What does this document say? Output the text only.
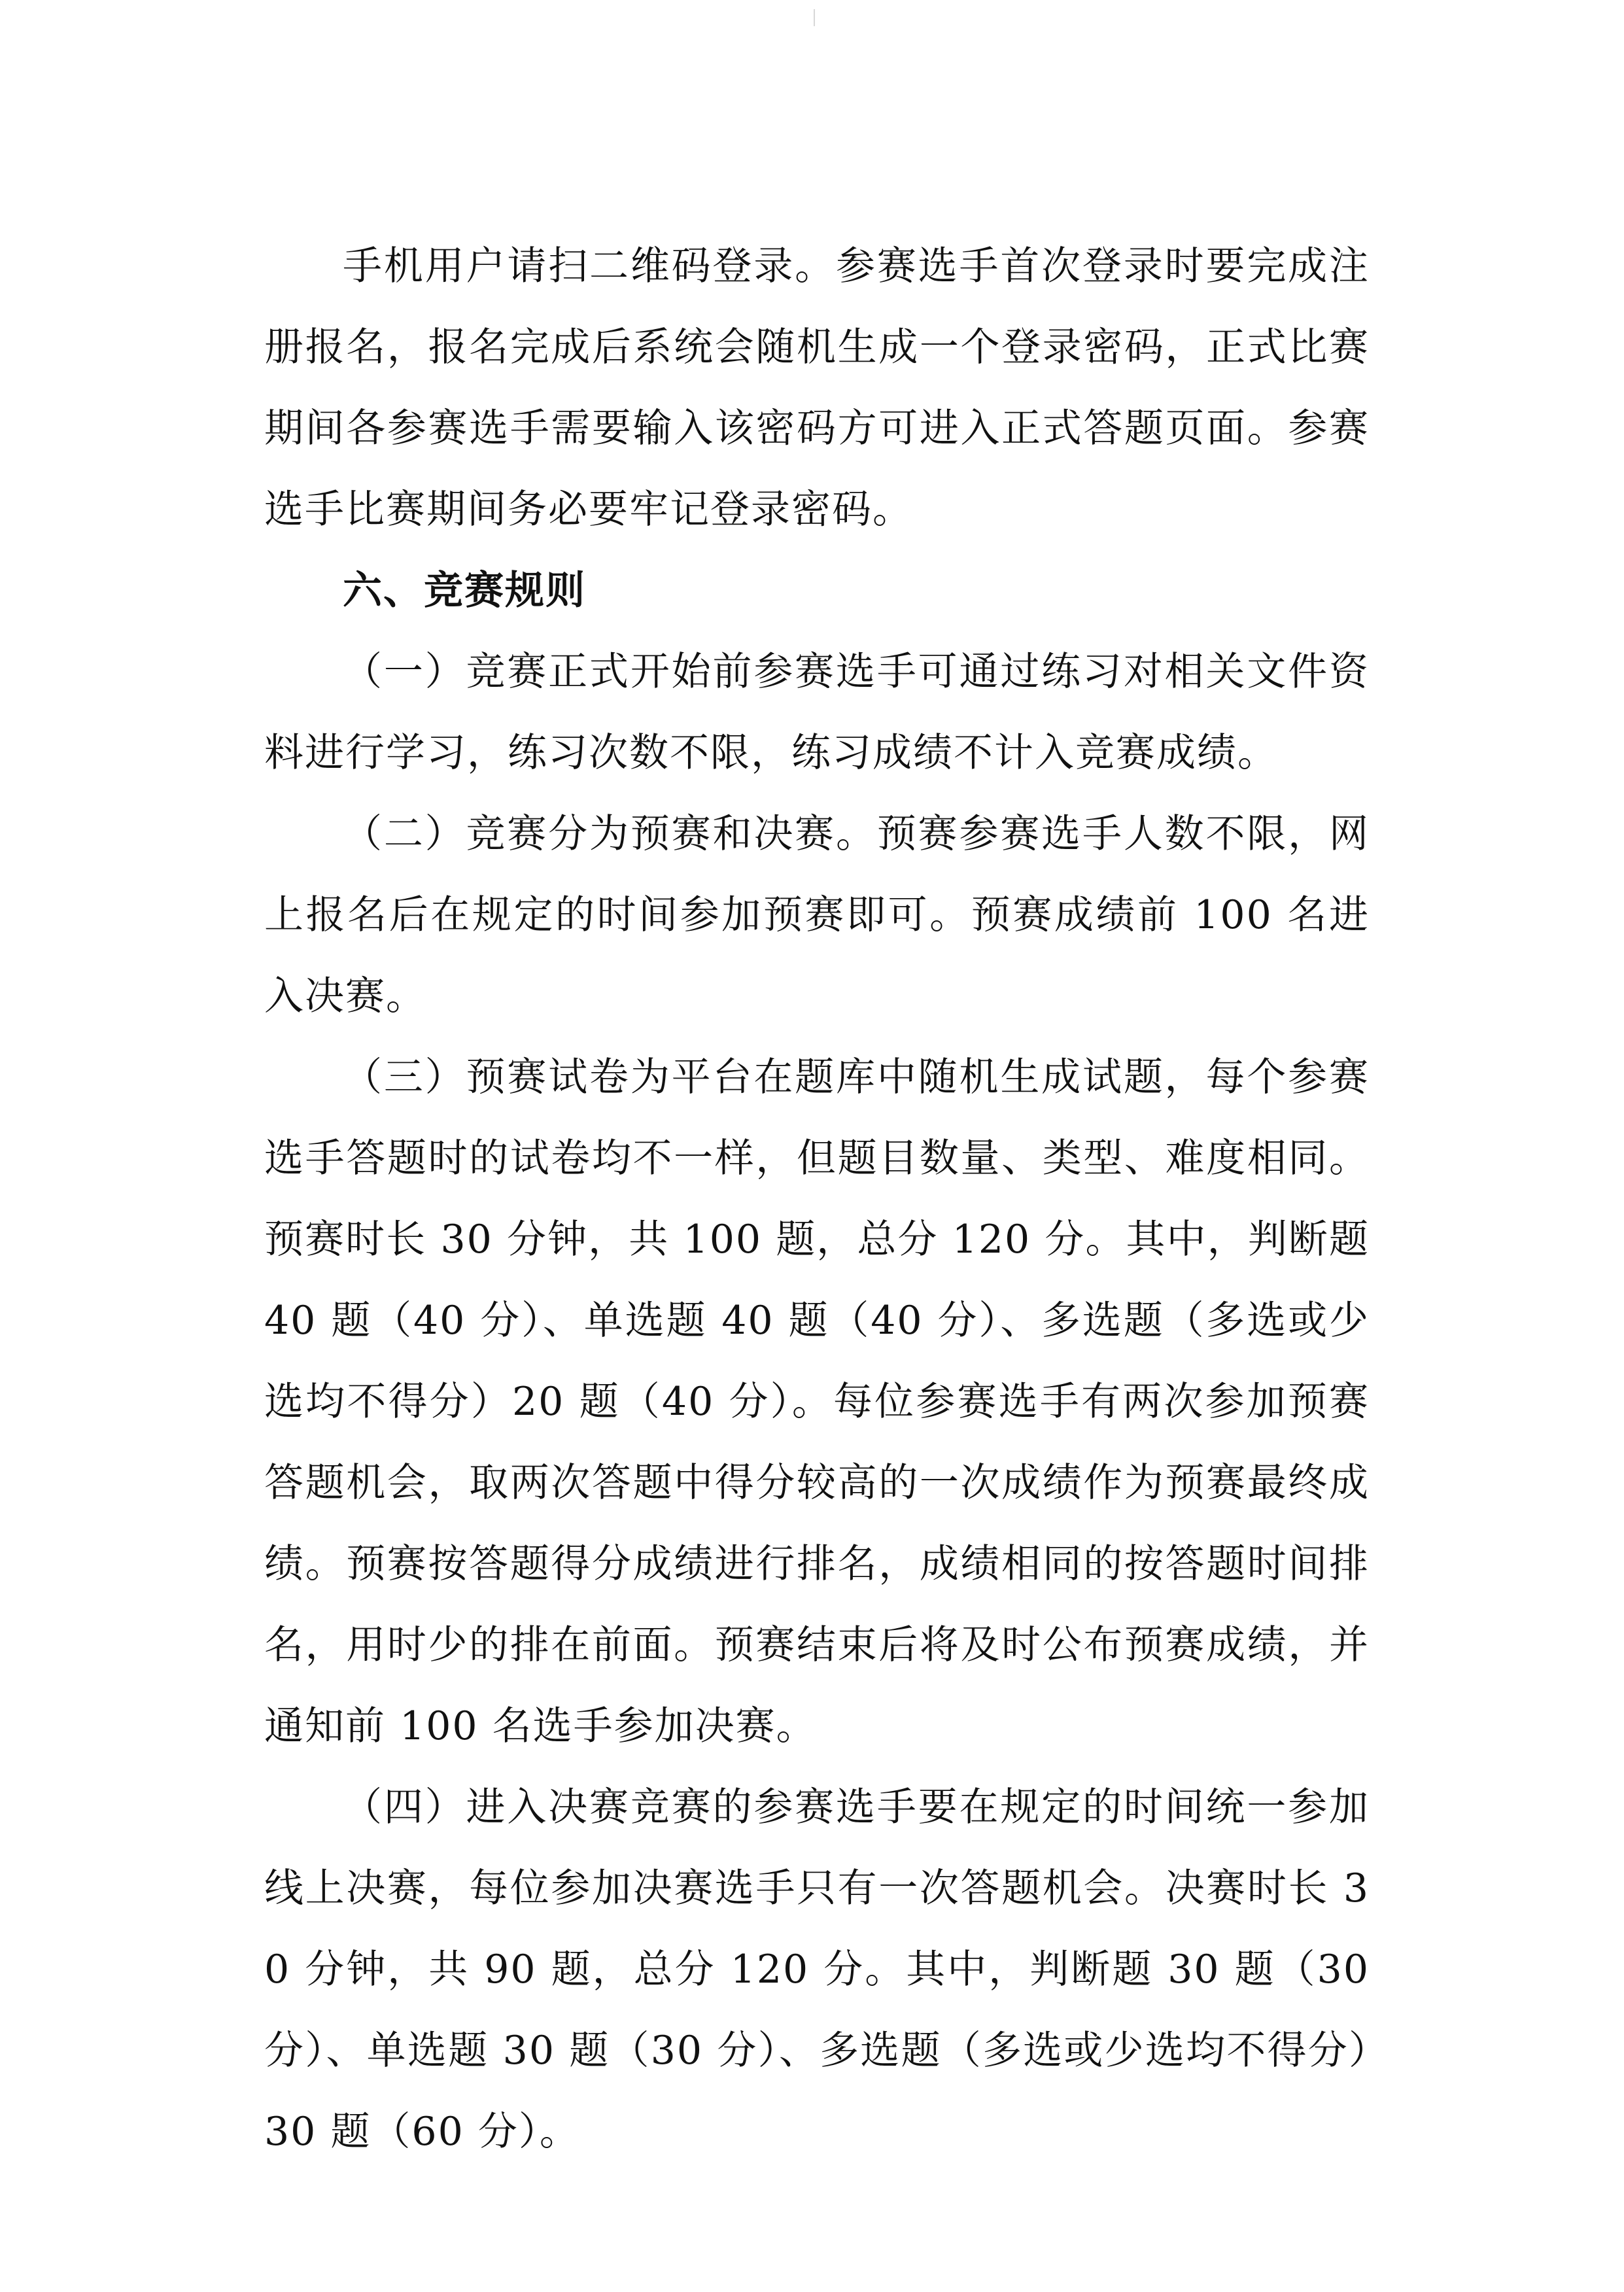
手机用户请扫二维码登录。参赛选手首次登录时要完成注册报名，报名完成后系统会随机生成一个登录密码，正式比赛期间各参赛选手需要输入该密码方可进入正式答题页面。参赛选手比赛期间务必要牢记登录密码。

六、竞赛规则

（一）竞赛正式开始前参赛选手可通过练习对相关文件资料进行学习，练习次数不限，练习成绩不计入竞赛成绩。

（二）竞赛分为预赛和决赛。预赛参赛选手人数不限，网上报名后在规定的时间参加预赛即可。预赛成绩前 100 名进入决赛。

（三）预赛试卷为平台在题库中随机生成试题，每个参赛选手答题时的试卷均不一样，但题目数量、类型、难度相同。预赛时长 30 分钟，共 100 题，总分 120 分。其中，判断题 40 题（40 分）、单选题 40 题（40 分）、多选题（多选或少选均不得分）20 题（40 分）。每位参赛选手有两次参加预赛答题机会，取两次答题中得分较高的一次成绩作为预赛最终成绩。预赛按答题得分成绩进行排名，成绩相同的按答题时间排名，用时少的排在前面。预赛结束后将及时公布预赛成绩，并通知前 100 名选手参加决赛。

（四）进入决赛竞赛的参赛选手要在规定的时间统一参加线上决赛，每位参加决赛选手只有一次答题机会。决赛时长 30 分钟，共 90 题，总分 120 分。其中，判断题 30 题（30 分）、单选题 30 题（30 分）、多选题（多选或少选均不得分）30 题（60 分）。
